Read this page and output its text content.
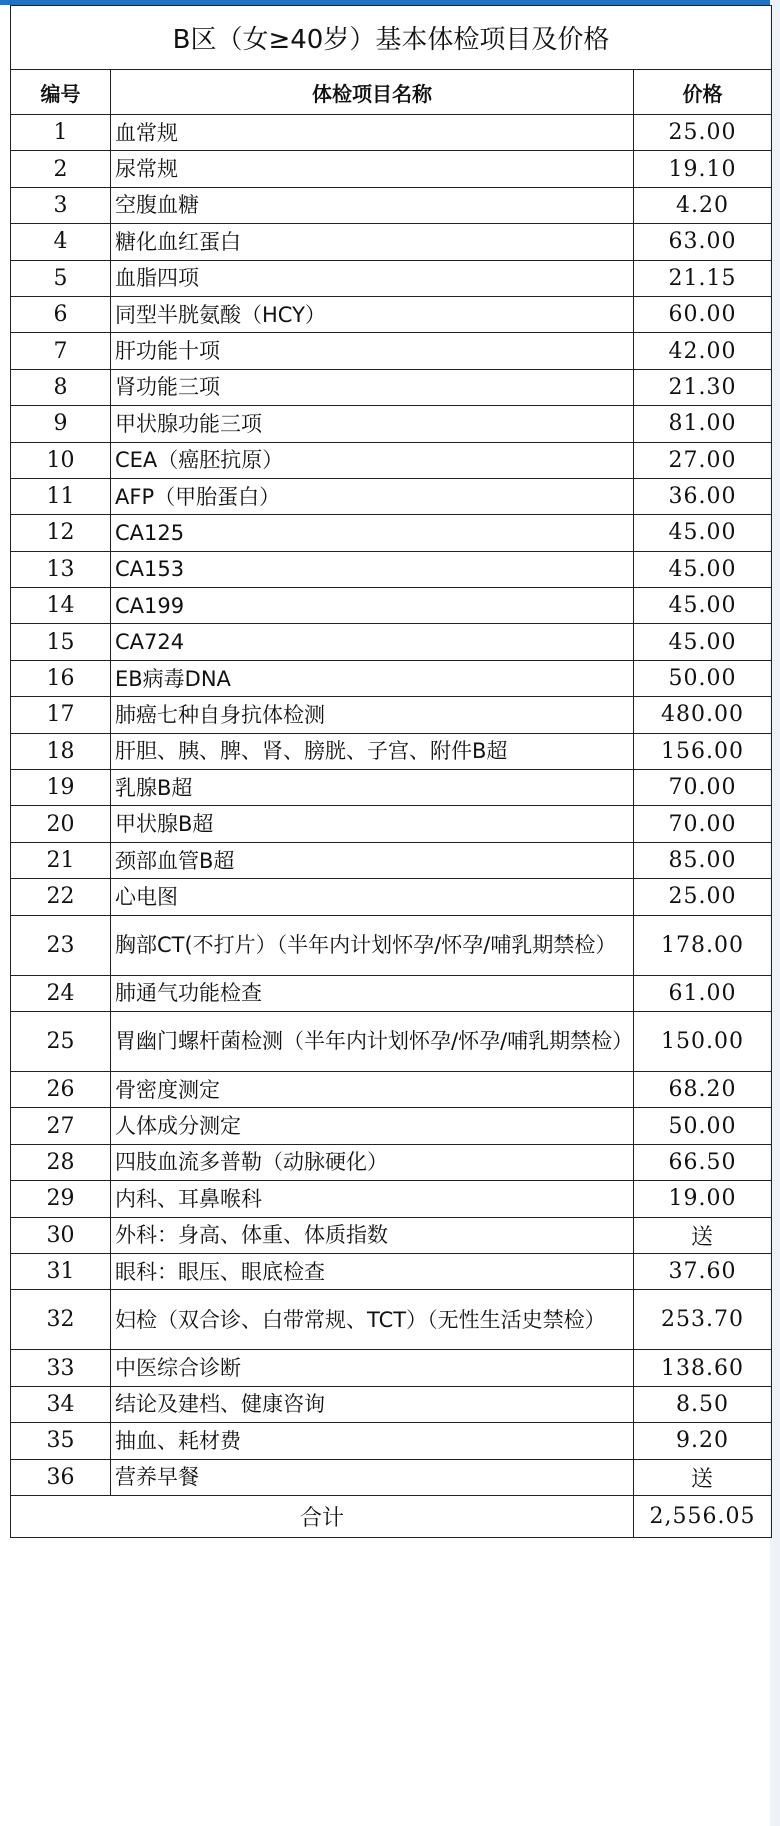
B区（女≥40岁）基本体检项目及价格		
编号	体检项目名称	价格
1	血常规	25.00
2	尿常规	19.10
3	空腹血糖	4.20
4	糖化血红蛋白	63.00
5	血脂四项	21.15
6	同型半胱氨酸（HCY）	60.00
7	肝功能十项	42.00
8	肾功能三项	21.30
9	甲状腺功能三项	81.00
10	CEA（癌胚抗原）	27.00
11	AFP（甲胎蛋白）	36.00
12	CA125	45.00
13	CA153	45.00
14	CA199	45.00
15	CA724	45.00
16	EB病毒DNA	50.00
17	肺癌七种自身抗体检测	480.00
18	肝胆、胰、脾、肾、膀胱、子宫、附件B超	156.00
19	乳腺B超	70.00
20	甲状腺B超	70.00
21	颈部血管B超	85.00
22	心电图	25.00
23	胸部CT(不打片）（半年内计划怀孕/怀孕/哺乳期禁检）	178.00
24	肺通气功能检查	61.00
25	胃幽门螺杆菌检测（半年内计划怀孕/怀孕/哺乳期禁检）	150.00
26	骨密度测定	68.20
27	人体成分测定	50.00
28	四肢血流多普勒（动脉硬化）	66.50
29	内科、耳鼻喉科	19.00
30	外科：身高、体重、体质指数	送
31	眼科：眼压、眼底检查	37.60
32	妇检（双合诊、白带常规、TCT）（无性生活史禁检）	253.70
33	中医综合诊断	138.60
34	结论及建档、健康咨询	8.50
35	抽血、耗材费	9.20
36	营养早餐	送
合计		2,556.05
